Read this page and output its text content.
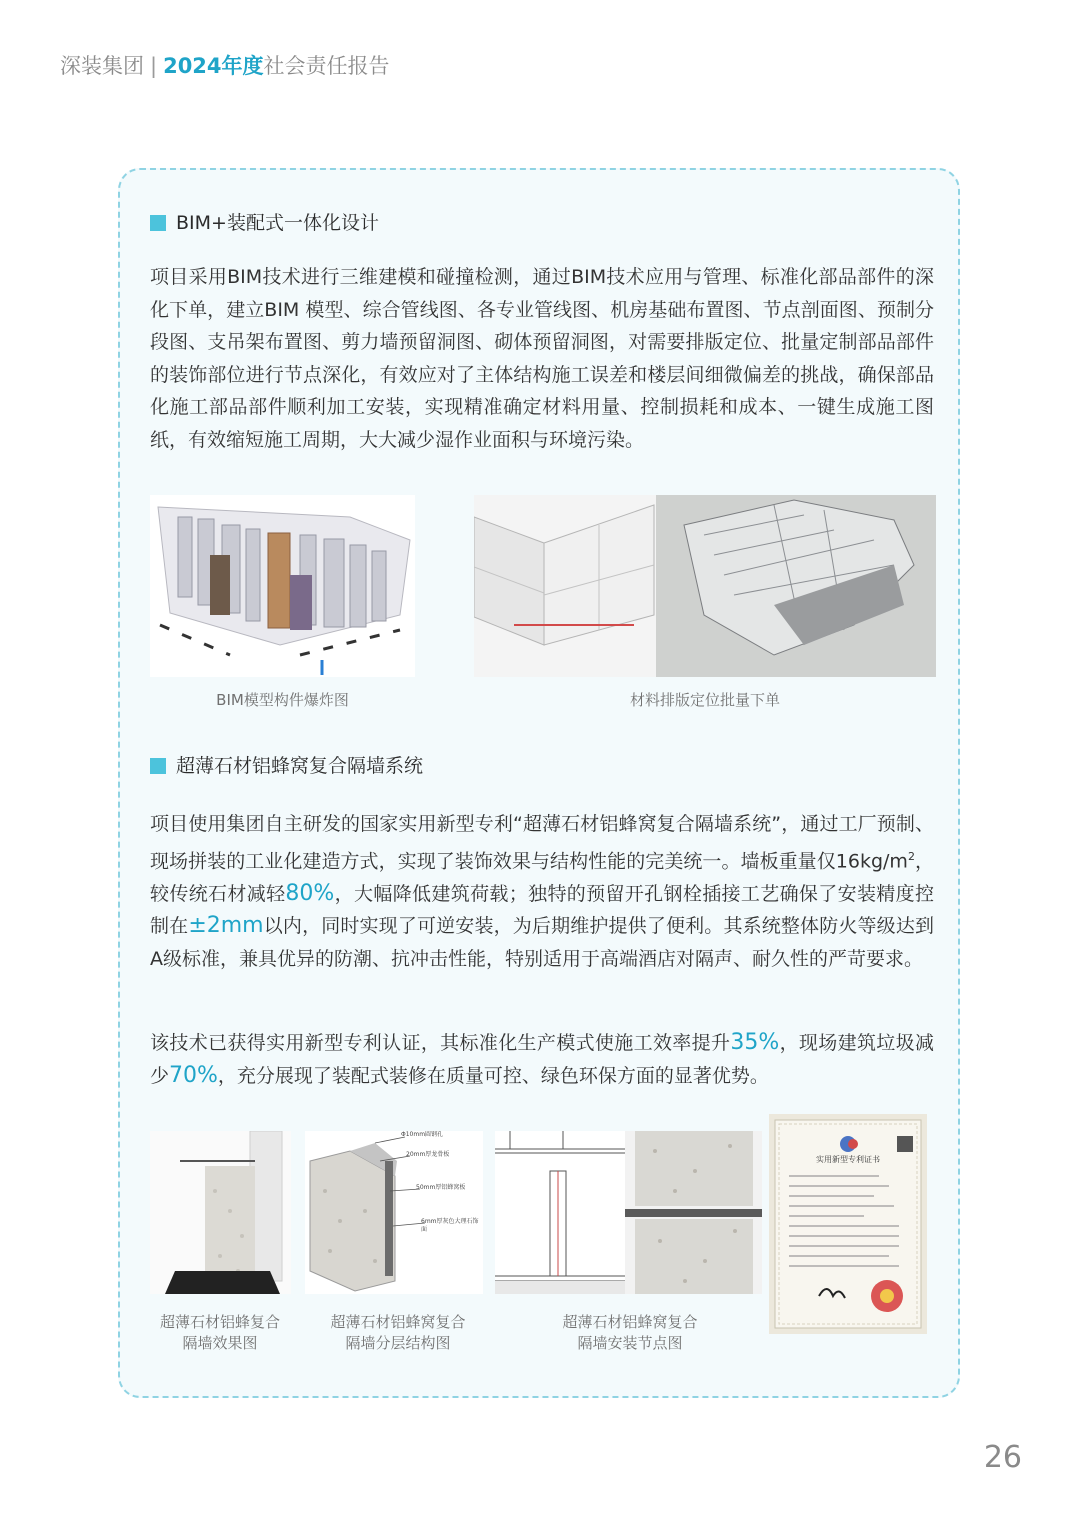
深装集团 | 2024年度社会责任报告
BIM+装配式一体化设计
项目采用BIM技术进行三维建模和碰撞检测，通过BIM技术应用与管理、标准化部品部件的深化下单，建立BIM 模型、综合管线图、各专业管线图、机房基础布置图、节点剖面图、预制分段图、支吊架布置图、剪力墙预留洞图、砌体预留洞图，对需要排版定位、批量定制部品部件的装饰部位进行节点深化，有效应对了主体结构施工误差和楼层间细微偏差的挑战，确保部品化施工部品部件顺利加工安装，实现精准确定材料用量、控制损耗和成本、一键生成施工图纸，有效缩短施工周期，大大减少湿作业面积与环境污染。
BIM模型构件爆炸图	材料排版定位批量下单
超薄石材铝蜂窝复合隔墙系统
项目使用集团自主研发的国家实用新型专利“超薄石材铝蜂窝复合隔墙系统”，通过工厂预制、现场拼装的工业化建造方式，实现了装饰效果与结构性能的完美统一。墙板重量仅$16kg/m^2$，较传统石材减轻80%，大幅降低建筑荷载；独特的预留开孔钢栓插接工艺确保了安装精度控制在±2mm以内，同时实现了可逆安装，为后期维护提供了便利。其系统整体防火等级达到A级标准，兼具优异的防潮、抗冲击性能，特别适用于高端酒店对隔声、耐久性的严苛要求。
该技术已获得实用新型专利认证，其标准化生产模式使施工效率提升35%，现场建筑垃圾减少70%，充分展现了装配式装修在质量可控、绿色环保方面的显著优势。
超薄石材铝蜂复合
隔墙效果图
Φ10mm圆钢孔
20mm厚龙骨板
50mm厚铝蜂窝板
6mm厚灰色大理石饰面
超薄石材铝蜂窝复合
隔墙分层结构图
超薄石材铝蜂窝复合
隔墙安装节点图
实用新型专利证书
26
